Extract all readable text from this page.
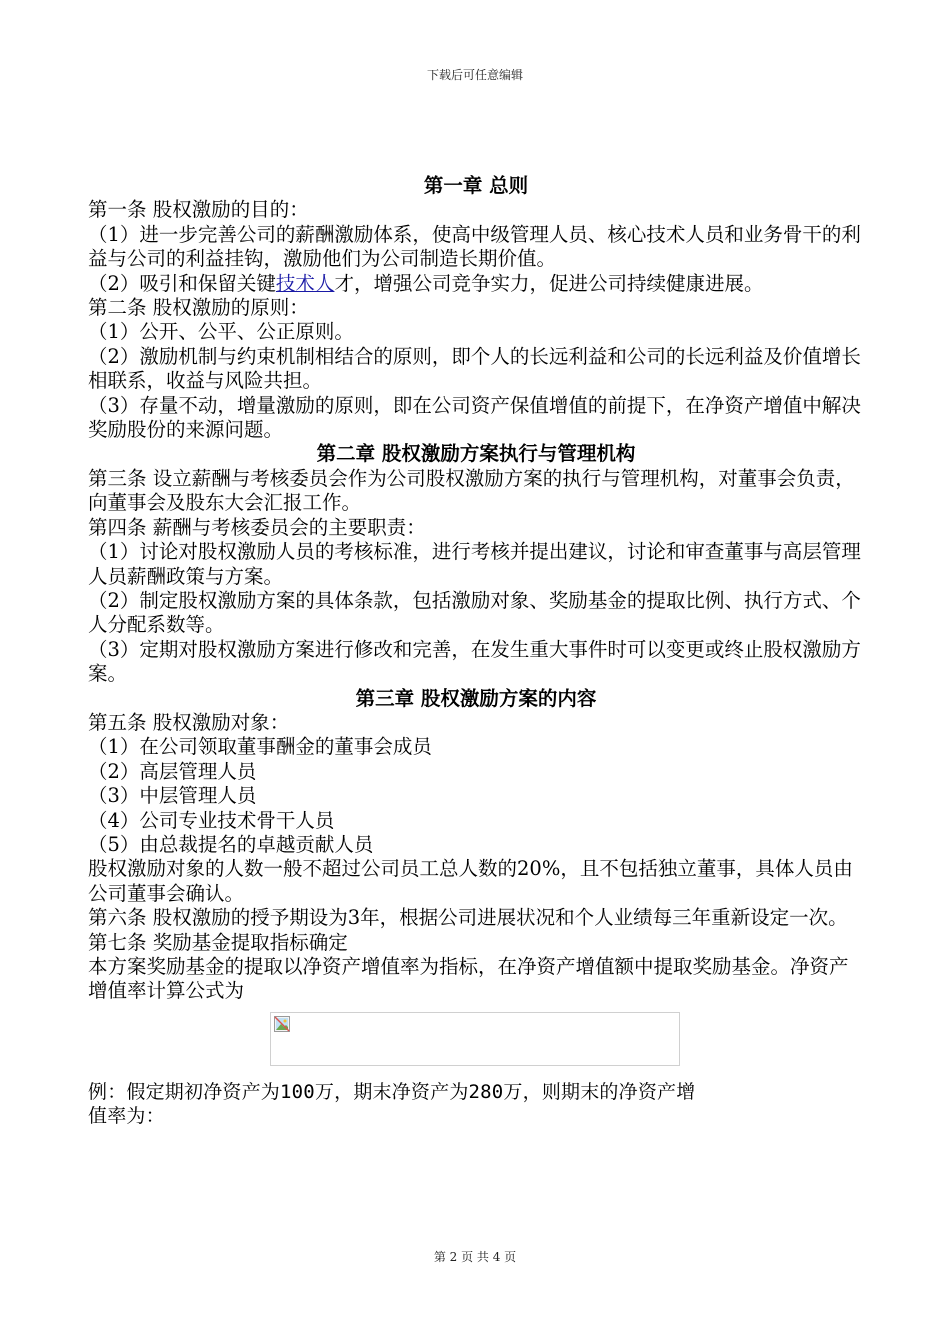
下载后可任意编辑

第一章 总则

第一条 股权激励的目的：

（1）进一步完善公司的薪酬激励体系，使高中级管理人员、核心技术人员和业务骨干的利益与公司的利益挂钩，激励他们为公司制造长期价值。

（2）吸引和保留关键技术人才，增强公司竞争实力，促进公司持续健康进展。

第二条 股权激励的原则：

（1）公开、公平、公正原则。

（2）激励机制与约束机制相结合的原则，即个人的长远利益和公司的长远利益及价值增长相联系，收益与风险共担。

（3）存量不动，增量激励的原则，即在公司资产保值增值的前提下，在净资产增值中解决奖励股份的来源问题。

第二章 股权激励方案执行与管理机构

第三条 设立薪酬与考核委员会作为公司股权激励方案的执行与管理机构，对董事会负责，向董事会及股东大会汇报工作。

第四条 薪酬与考核委员会的主要职责：

（1）讨论对股权激励人员的考核标准，进行考核并提出建议，讨论和审查董事与高层管理人员薪酬政策与方案。

（2）制定股权激励方案的具体条款，包括激励对象、奖励基金的提取比例、执行方式、个人分配系数等。

（3）定期对股权激励方案进行修改和完善，在发生重大事件时可以变更或终止股权激励方案。

第三章 股权激励方案的内容

第五条 股权激励对象：

（1）在公司领取董事酬金的董事会成员

（2）高层管理人员

（3）中层管理人员

（4）公司专业技术骨干人员

（5）由总裁提名的卓越贡献人员

股权激励对象的人数一般不超过公司员工总人数的20%，且不包括独立董事，具体人员由公司董事会确认。

第六条 股权激励的授予期设为3年，根据公司进展状况和个人业绩每三年重新设定一次。

第七条 奖励基金提取指标确定

本方案奖励基金的提取以净资产增值率为指标，在净资产增值额中提取奖励基金。净资产增值率计算公式为

例：假定期初净资产为100万，期末净资产为280万，则期末的净资产增

值率为：

第 2 页 共 4 页
